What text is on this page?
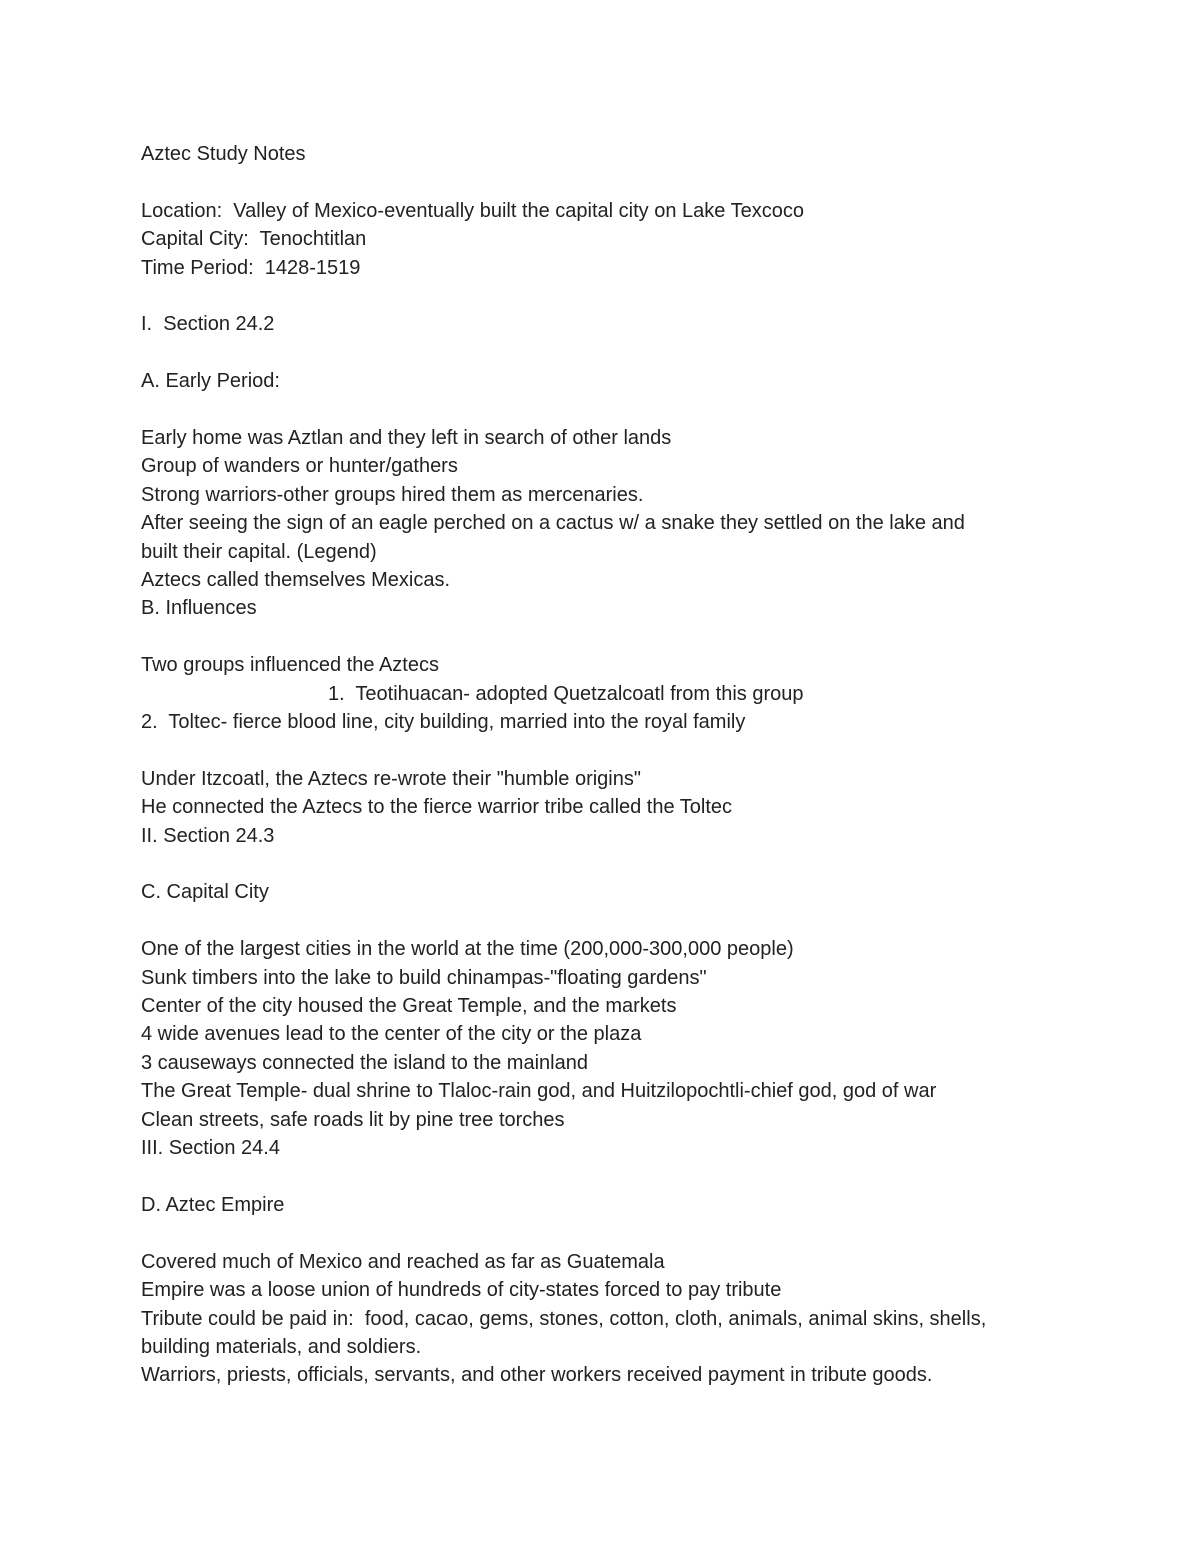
Aztec Study Notes

Location:  Valley of Mexico-eventually built the capital city on Lake Texcoco

Capital City:  Tenochtitlan

Time Period:  1428-1519

I.  Section 24.2

A. Early Period:

Early home was Aztlan and they left in search of other lands

Group of wanders or hunter/gathers

Strong warriors-other groups hired them as mercenaries.

After seeing the sign of an eagle perched on a cactus w/ a snake they settled on the lake and

built their capital. (Legend)

Aztecs called themselves Mexicas.

B. Influences

Two groups influenced the Aztecs

1.  Teotihuacan- adopted Quetzalcoatl from this group

2.  Toltec- fierce blood line, city building, married into the royal family

Under Itzcoatl, the Aztecs re-wrote their "humble origins"

He connected the Aztecs to the fierce warrior tribe called the Toltec

II. Section 24.3

C. Capital City

One of the largest cities in the world at the time (200,000-300,000 people)

Sunk timbers into the lake to build chinampas-"floating gardens"

Center of the city housed the Great Temple, and the markets

4 wide avenues lead to the center of the city or the plaza

3 causeways connected the island to the mainland

The Great Temple- dual shrine to Tlaloc-rain god, and Huitzilopochtli-chief god, god of war

Clean streets, safe roads lit by pine tree torches

III. Section 24.4

D. Aztec Empire

Covered much of Mexico and reached as far as Guatemala

Empire was a loose union of hundreds of city-states forced to pay tribute

Tribute could be paid in:  food, cacao, gems, stones, cotton, cloth, animals, animal skins, shells,

building materials, and soldiers.

Warriors, priests, officials, servants, and other workers received payment in tribute goods.
